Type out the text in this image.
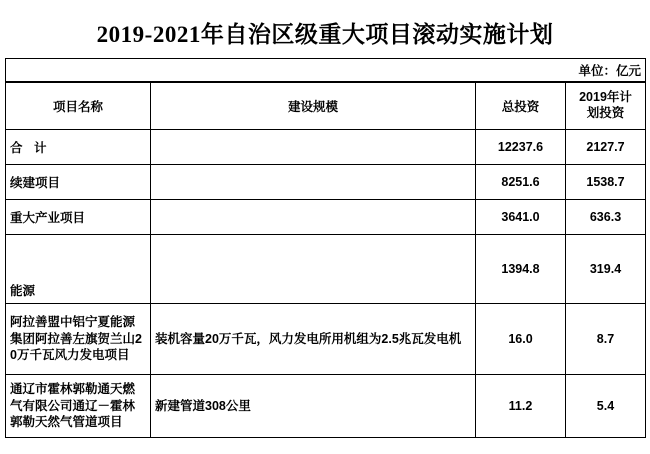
2019-2021年自治区级重大项目滚动实施计划
单位：亿元
项目名称	建设规模	总投资	2019年计
划投资

合 计		12237.6	2127.7
续建项目		8251.6	1538.7
重大产业项目		3641.0	636.3
能源		1394.8	319.4
阿拉善盟中铝宁夏能源集团阿拉善左旗贺兰山20万千瓦风力发电项目	装机容量20万千瓦，风力发电所用机组为2.5兆瓦发电机	16.0	8.7
通辽市霍林郭勒通天燃气有限公司通辽－霍林郭勒天然气管道项目	新建管道308公里	11.2	5.4
